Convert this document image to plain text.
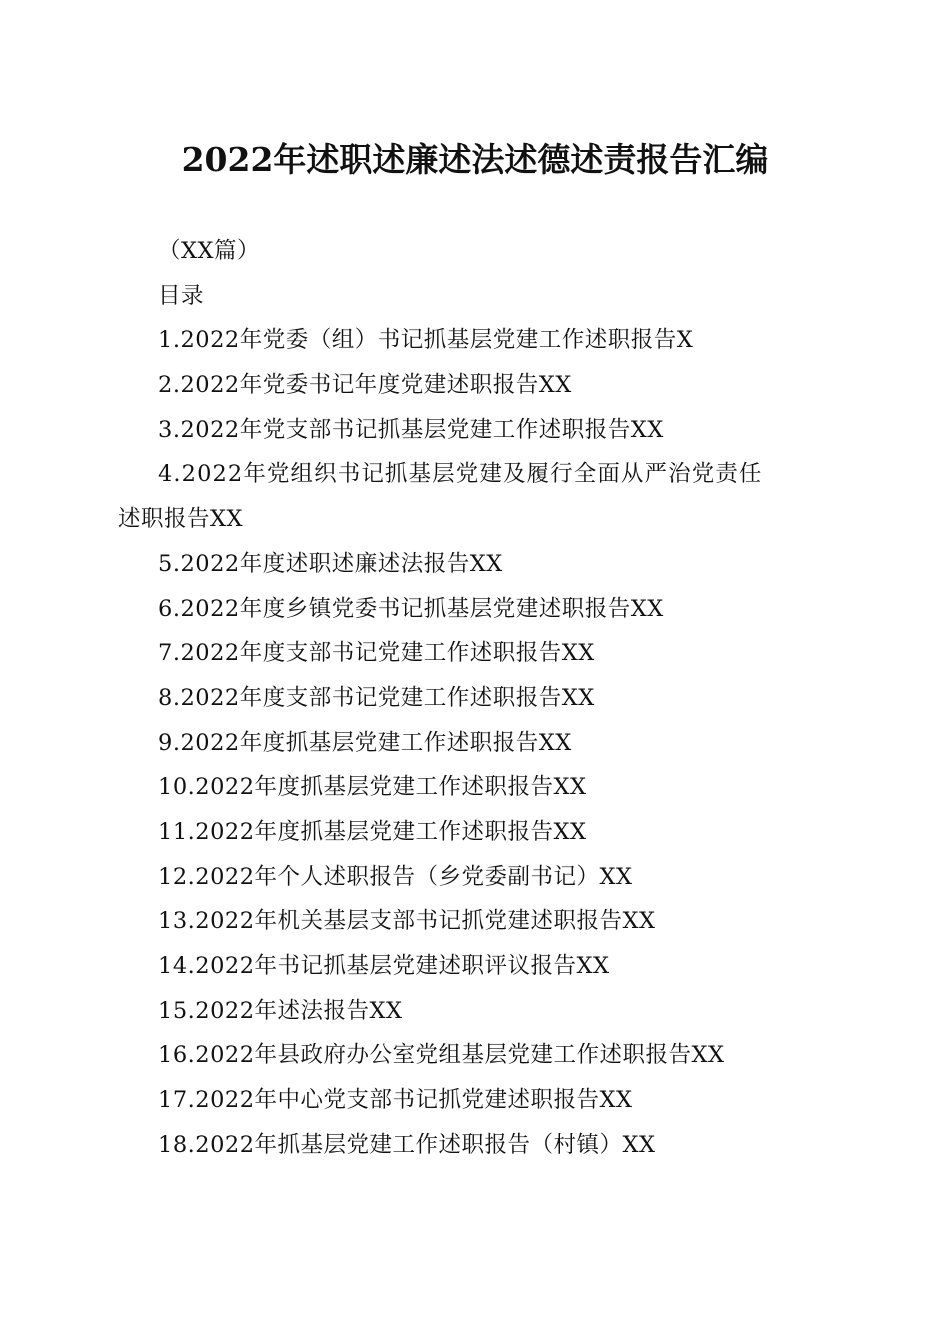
2022年述职述廉述法述德述责报告汇编
（XX篇）
目录
1.2022年党委（组）书记抓基层党建工作述职报告X
2.2022年党委书记年度党建述职报告XX
3.2022年党支部书记抓基层党建工作述职报告XX
4.2022年党组织书记抓基层党建及履行全面从严治党责任
述职报告XX
5.2022年度述职述廉述法报告XX
6.2022年度乡镇党委书记抓基层党建述职报告XX
7.2022年度支部书记党建工作述职报告XX
8.2022年度支部书记党建工作述职报告XX
9.2022年度抓基层党建工作述职报告XX
10.2022年度抓基层党建工作述职报告XX
11.2022年度抓基层党建工作述职报告XX
12.2022年个人述职报告（乡党委副书记）XX
13.2022年机关基层支部书记抓党建述职报告XX
14.2022年书记抓基层党建述职评议报告XX
15.2022年述法报告XX
16.2022年县政府办公室党组基层党建工作述职报告XX
17.2022年中心党支部书记抓党建述职报告XX
18.2022年抓基层党建工作述职报告（村镇）XX
